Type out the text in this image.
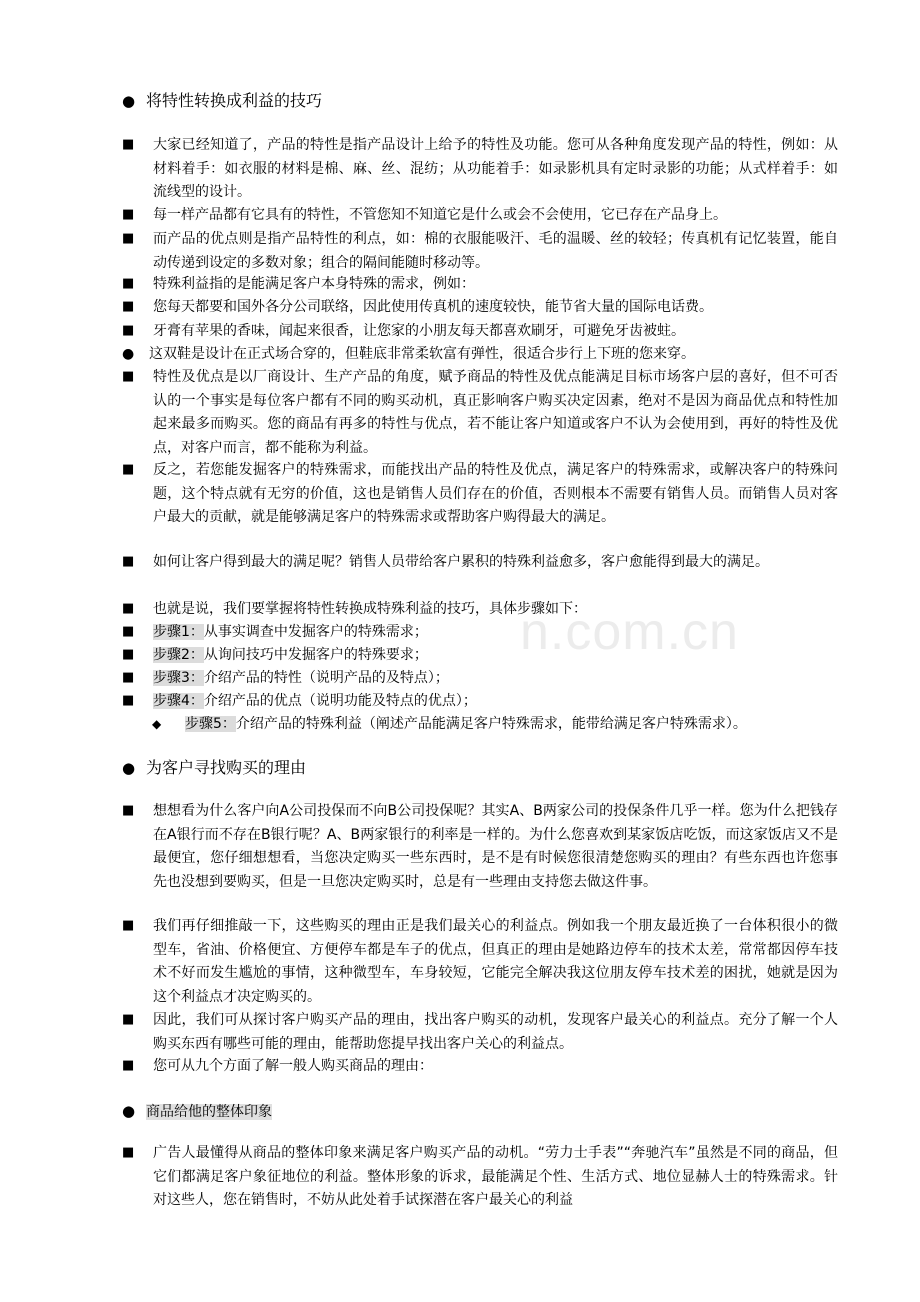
n.com.cn
● 将特性转换成利益的技巧
■ 大家已经知道了，产品的特性是指产品设计上给予的特性及功能。您可从各种角度发现产品的特性，例如：从材料着手：如衣服的材料是棉、麻、丝、混纺；从功能着手：如录影机具有定时录影的功能；从式样着手：如流线型的设计。
■ 每一样产品都有它具有的特性，不管您知不知道它是什么或会不会使用，它已存在产品身上。
■ 而产品的优点则是指产品特性的利点，如：棉的衣服能吸汗、毛的温暖、丝的较轻；传真机有记忆装置，能自动传递到设定的多数对象；组合的隔间能随时移动等。
■ 特殊利益指的是能满足客户本身特殊的需求，例如：
■ 您每天都要和国外各分公司联络，因此使用传真机的速度较快，能节省大量的国际电话费。
■ 牙膏有苹果的香味，闻起来很香，让您家的小朋友每天都喜欢刷牙，可避免牙齿被蛀。
● 这双鞋是设计在正式场合穿的，但鞋底非常柔软富有弹性，很适合步行上下班的您来穿。
■ 特性及优点是以厂商设计、生产产品的角度，赋予商品的特性及优点能满足目标市场客户层的喜好，但不可否认的一个事实是每位客户都有不同的购买动机，真正影响客户购买决定因素，绝对不是因为商品优点和特性加起来最多而购买。您的商品有再多的特性与优点，若不能让客户知道或客户不认为会使用到，再好的特性及优点，对客户而言，都不能称为利益。
■ 反之，若您能发掘客户的特殊需求，而能找出产品的特性及优点，满足客户的特殊需求，或解决客户的特殊问题，这个特点就有无穷的价值，这也是销售人员们存在的价值，否则根本不需要有销售人员。而销售人员对客户最大的贡献，就是能够满足客户的特殊需求或帮助客户购得最大的满足。
■ 如何让客户得到最大的满足呢？销售人员带给客户累积的特殊利益愈多，客户愈能得到最大的满足。
■ 也就是说，我们要掌握将特性转换成特殊利益的技巧，具体步骤如下：
■ 步骤1：从事实调查中发掘客户的特殊需求；
■ 步骤2：从询问技巧中发掘客户的特殊要求；
■ 步骤3：介绍产品的特性（说明产品的及特点）；
■ 步骤4：介绍产品的优点（说明功能及特点的优点）；
◆ 步骤5：介绍产品的特殊利益（阐述产品能满足客户特殊需求，能带给满足客户特殊需求）。
● 为客户寻找购买的理由
■ 想想看为什么客户向A公司投保而不向B公司投保呢？其实A、B两家公司的投保条件几乎一样。您为什么把钱存在A银行而不存在B银行呢？A、B两家银行的利率是一样的。为什么您喜欢到某家饭店吃饭，而这家饭店又不是最便宜，您仔细想想看，当您决定购买一些东西时，是不是有时候您很清楚您购买的理由？有些东西也许您事先也没想到要购买，但是一旦您决定购买时，总是有一些理由支持您去做这件事。
■ 我们再仔细推敲一下，这些购买的理由正是我们最关心的利益点。例如我一个朋友最近换了一台体积很小的微型车，省油、价格便宜、方便停车都是车子的优点，但真正的理由是她路边停车的技术太差，常常都因停车技术不好而发生尴尬的事情，这种微型车，车身较短，它能完全解决我这位朋友停车技术差的困扰，她就是因为这个利益点才决定购买的。
■ 因此，我们可从探讨客户购买产品的理由，找出客户购买的动机，发现客户最关心的利益点。充分了解一个人购买东西有哪些可能的理由，能帮助您提早找出客户关心的利益点。
■ 您可从九个方面了解一般人购买商品的理由：
● 商品给他的整体印象
■ 广告人最懂得从商品的整体印象来满足客户购买产品的动机。“劳力士手表”“奔驰汽车”虽然是不同的商品，但它们都满足客户象征地位的利益。整体形象的诉求，最能满足个性、生活方式、地位显赫人士的特殊需求。针对这些人，您在销售时，不妨从此处着手试探潜在客户最关心的利益
